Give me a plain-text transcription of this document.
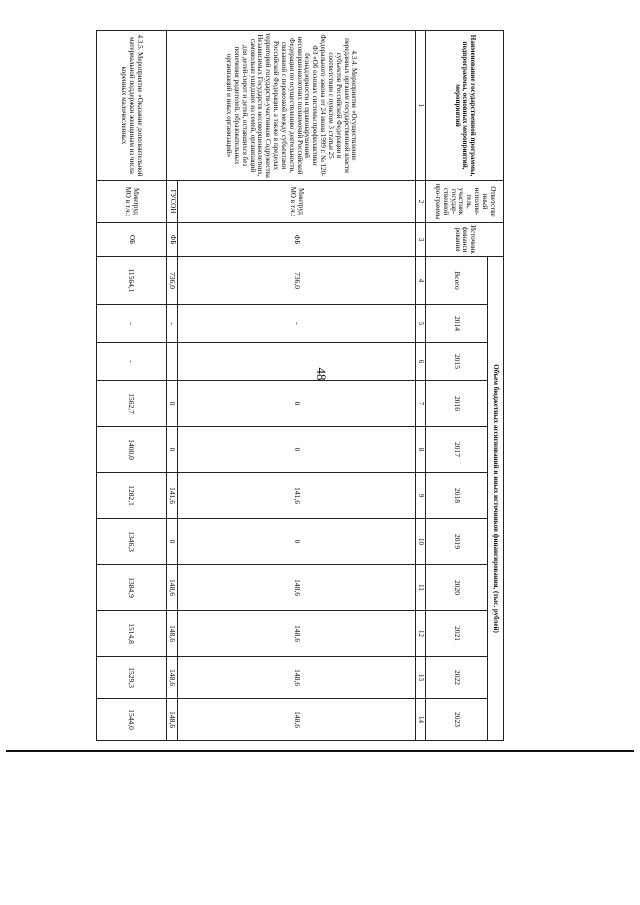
48
Наименование государственной программы, подпрограммы, основных мероприятий, мероприятий	Ответстве нный исполни-тель, участник государ-ственной про-граммы	Источник финанси рования	Объем бюджетных ассигнований и иных источников финансирования, (тыс. рублей)										
			Всего	2014	2015	2016	2017	2018	2019	2020	2021	2022	2023
1	2	3	4	5	6	7	8	9	10	11	12	13	14
4.3.4. Мероприятие «Осуществление переданных органам государственной власти субъектов Российской Федерации в соответствии с пунктом 3 статьи 25 Федерального закона от 24 июня 1999 г. № 120-ФЗ «Об основах системы профилактики безнадзорности и правонарушений несовершеннолетних полномочий Российской Федерации по осуществлению деятельности, связанной с перевозкой между субъектами Российской Федерации, а также в пределах территорий государств-участников Содружества Независимых Государств несовершеннолетних, самовольно ушедших из семей, организаций для детей-сирот и детей, оставшихся без попечения родителей, образовательных организаций и иных организаций»	Минтруд МО в т.ч.:	ФБ	736,0	-		0	0	141,6	0	148,6	148,6	148,6	148,6
	ГУСОН	ФБ	736,0	-		0	0	141,6	0	148,6	148,6	148,6	148,6
4.3.5. Мероприятие «Оказание дополнительной материальной поддержки женщинам из числа коренных малочисленных	Минтруд МО в т.ч.:	ОБ	11564,1	-	-	1562,7	1400,0	1282,1	1346,3	1384,9	1514,8	1529,3	1544,0
